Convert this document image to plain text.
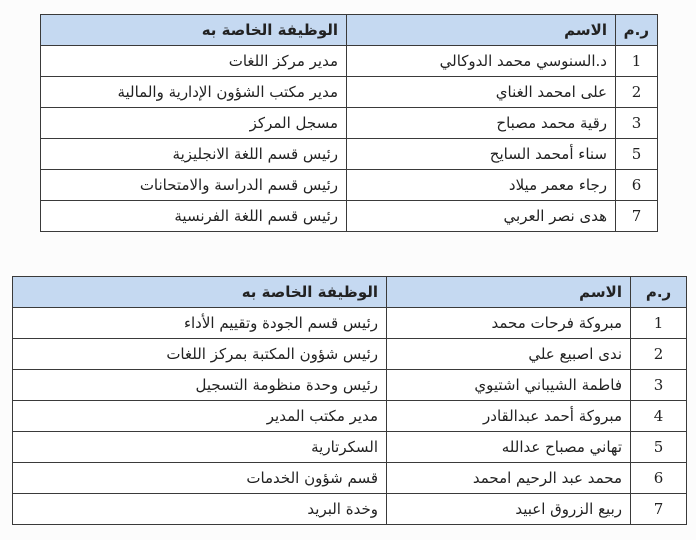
ر.م	الاسم	الوظيفة الخاصة به
1	د.السنوسي محمد الدوكالي	مدير مركز اللغات
2	على امحمد الغناي	مدير مكتب الشؤون الإدارية والمالية
3	رقية محمد مصباح	مسجل المركز
5	سناء أمحمد السايح	رئيس قسم اللغة الانجليزية
6	رجاء معمر ميلاد	رئيس قسم الدراسة والامتحانات
7	هدى نصر العربي	رئيس قسم اللغة الفرنسية
ر.م	الاسم	الوظيفة الخاصة به
1	مبروكة فرحات محمد	رئيس قسم الجودة وتقييم الأداء
2	ندى اصبيع علي	رئيس شؤون المكتبة بمركز اللغات
3	فاطمة الشيباني اشتيوي	رئيس وحدة منظومة التسجيل
4	مبروكة أحمد عبدالقادر	مدير مكتب المدير
5	تهاني مصباح عدالله	السكرتارية
6	محمد عبد الرحيم امحمد	قسم شؤون الخدمات
7	ربيع الزروق اعبيد	وخدة البريد
